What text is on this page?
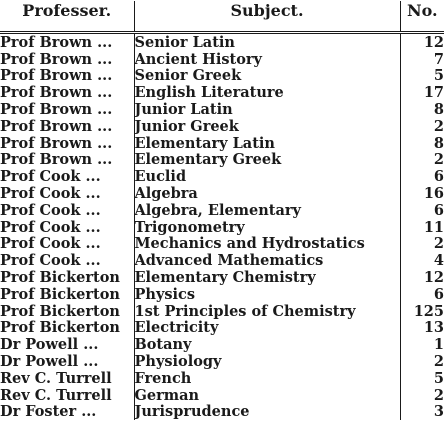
Professer.	Subject.	No.
Prof Brown ...	Senior Latin	12
Prof Brown ...	Ancient History	7
Prof Brown ...	Senior Greek	5
Prof Brown ...	English Literature	17
Prof Brown ...	Junior Latin	8
Prof Brown ...	Junior Greek	2
Prof Brown ...	Elementary Latin	8
Prof Brown ...	Elementary Greek	2
Prof Cook ...	Euclid	6
Prof Cook ...	Algebra	16
Prof Cook ...	Algebra, Elementary	6
Prof Cook ...	Trigonometry	11
Prof Cook ...	Mechanics and Hydrostatics	2
Prof Cook ...	Advanced Mathematics	4
Prof Bickerton	Elementary Chemistry	12
Prof Bickerton	Physics	6
Prof Bickerton	1st Principles of Chemistry	125
Prof Bickerton	Electricity	13
Dr Powell ...	Botany	1
Dr Powell ...	Physiology	2
Rev C. Turrell	French	5
Rev C. Turrell	German	2
Dr Foster ...	Jurisprudence	3
